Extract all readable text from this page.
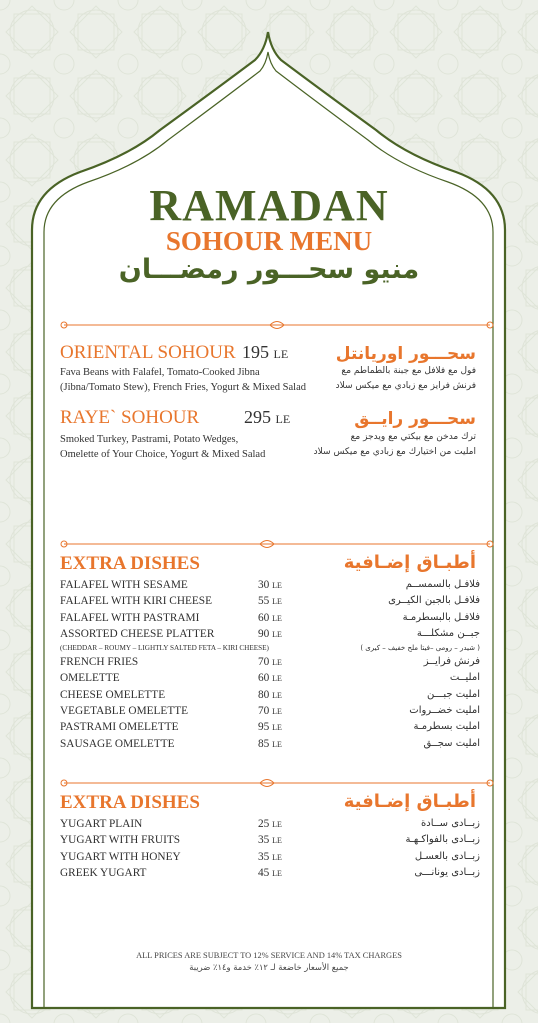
RAMADAN
SOHOUR MENU
منيو سحـــور رمضـــان
ORIENTAL SOHOUR 195 LE	سحـــور اوريانتل
Fava Beans with Falafel, Tomato-Cooked Jibna
(Jibna/Tomato Stew), French Fries, Yogurt & Mixed Salad
فول مع فلافل مع جبنة بالطماطم مع
فرنش فرايز مع زبادي مع ميكس سلاد
RAYE` SOHOUR 295 LE	سحـــور رايــق
Smoked Turkey, Pastrami, Potato Wedges,
Omelette of Your Choice, Yogurt & Mixed Salad
ترك مدخن مع بيكتي مع ويدجز مع
امليت من اختيارك مع زبادي مع ميكس سلاد
EXTRA DISHES	أطبـاق إضـافية
FALAFEL WITH SESAME	30 LE	فلافـل بالسمســم
FALAFEL WITH KIRI CHEESE	55 LE	فلافـل بالجبن الكيــرى
FALAFEL WITH PASTRAMI	60 LE	فلافـل بالبسطرمـة
ASSORTED CHEESE PLATTER	90 LE	جبــن مشكلـــة
(CHEDDAR – ROUMY – LIGHTLY SALTED FETA – KIRI CHEESE)	( شيدر – رومى –فيتا ملح خفيف – كيرى )
FRENCH FRIES	70 LE	فرنش فرايــز
OMELETTE	60 LE	امليــت
CHEESE OMELETTE	80 LE	امليت جبـــن
VEGETABLE OMELETTE	70 LE	امليت خضــروات
PASTRAMI OMELETTE	95 LE	امليت بسطرمـة
SAUSAGE OMELETTE	85 LE	امليت سجــق
EXTRA DISHES	أطبـاق إضـافية
YUGART PLAIN	25 LE	زبــادى ســادة
YUGART WITH FRUITS	35 LE	زبــادى بالفواكـهـة
YUGART WITH HONEY	35 LE	زبــادى بالعسـل
GREEK YUGART	45 LE	زبــادى يونانـــى
ALL PRICES ARE SUBJECT TO 12% SERVICE AND 14% TAX CHARGES
جميع الأسعار خاضعة لـ ١٢٪ خدمة و١٤٪ ضريبة
